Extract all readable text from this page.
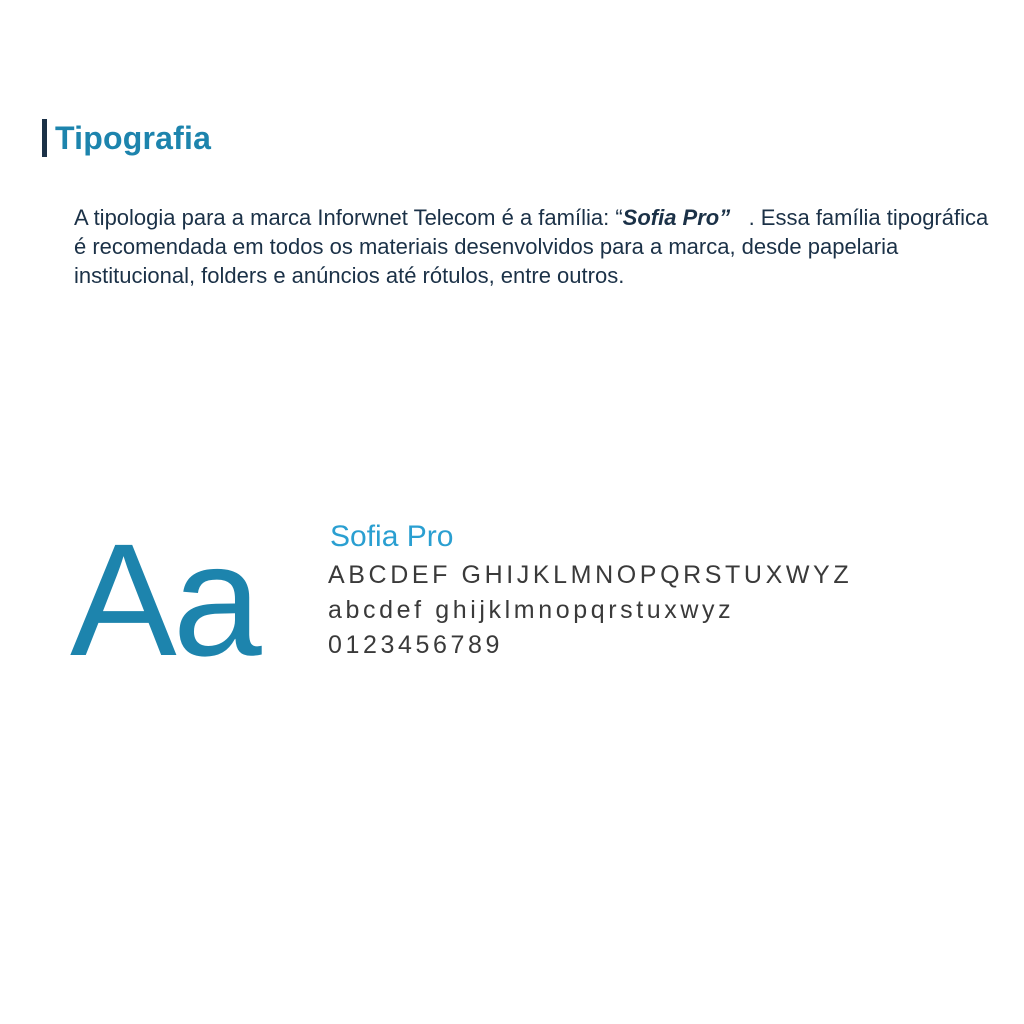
Tipografia

A tipologia para a marca Inforwnet Telecom é a família: “Sofia Pro”   . Essa família tipográfica é recomendada em todos os materiais desenvolvidos para a marca, desde papelaria institucional, folders e anúncios até rótulos, entre outros.

Aa Sofia Pro
ABCDEF GHIJKLMNOPQRSTUXWYZ
abcdef ghijklmnopqrstuxwyz
0123456789
